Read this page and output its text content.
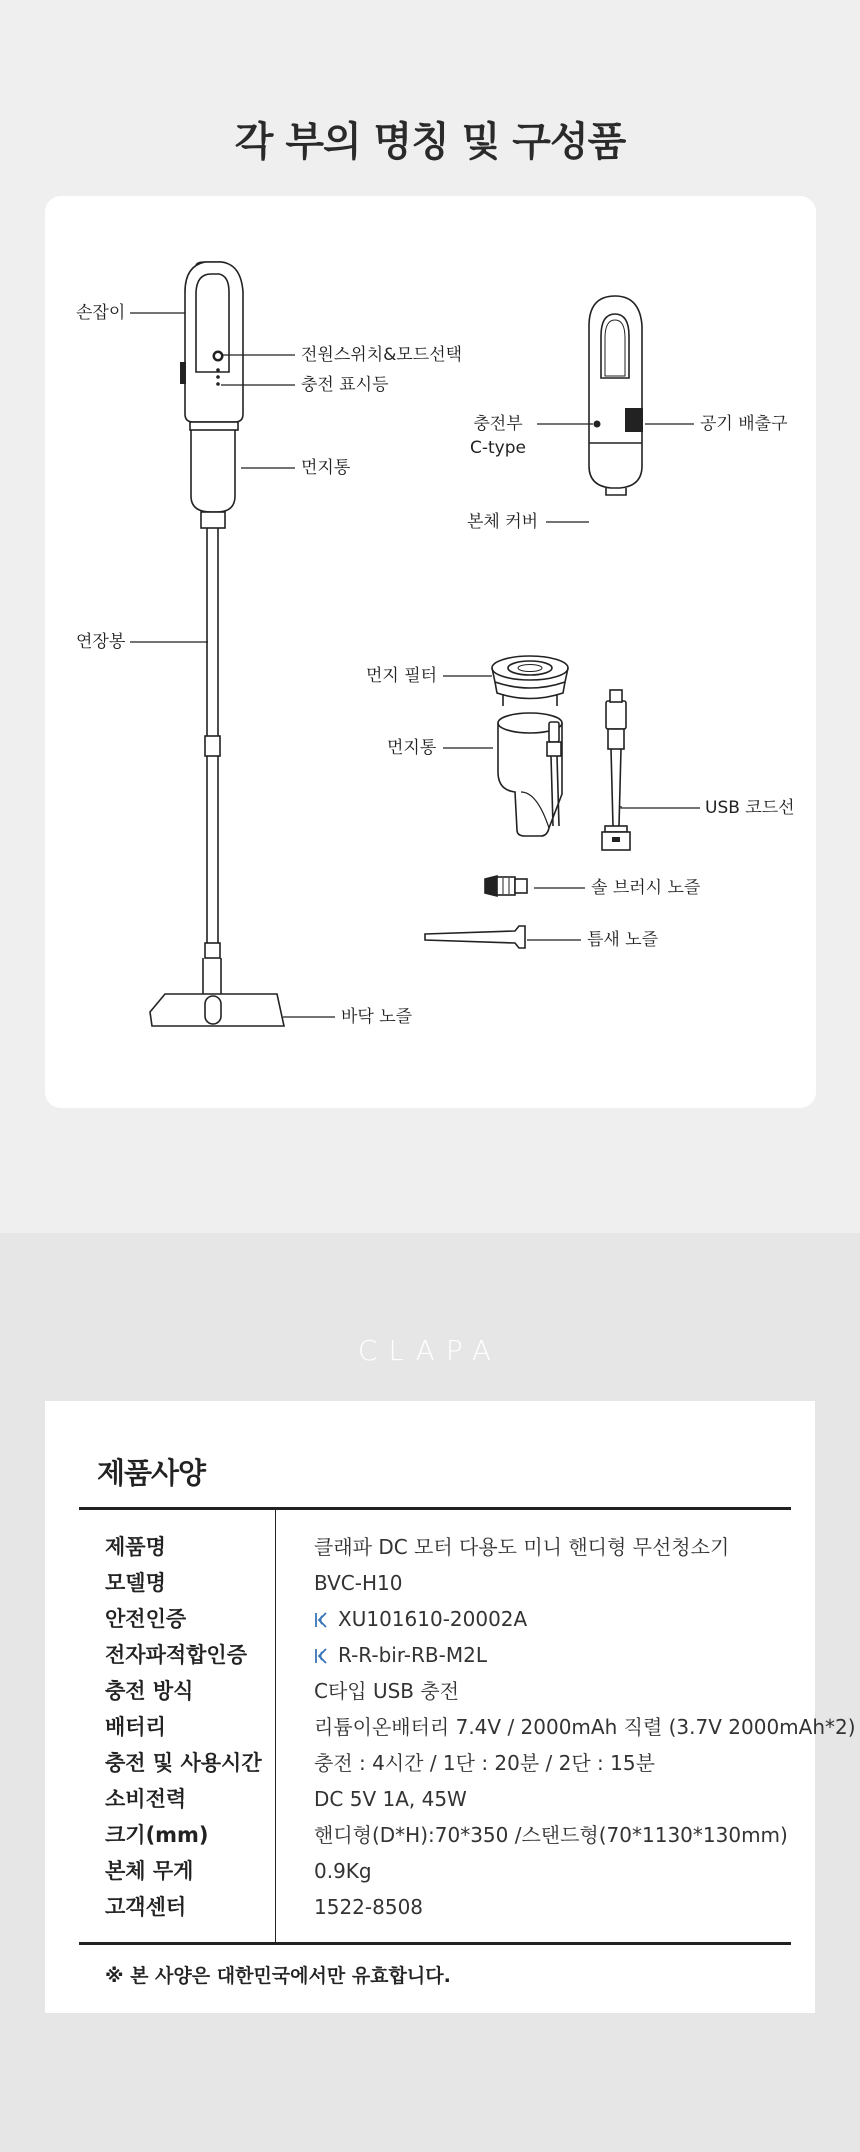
각 부의 명칭 및 구성품
손잡이
전원스위치&모드선택
충전 표시등
먼지통
연장봉
바닥 노즐
충전부
C-type
공기 배출구
본체 커버
먼지 필터
먼지통
USB 코드선
솔 브러시 노즐
틈새 노즐
CLAPA
제품사양
제품명	클래파 DC 모터 다용도 미니 핸디형 무선청소기
모델명	BVC-H10
안전인증	XU101610-20002A
전자파적합인증	R-R-bir-RB-M2L
충전 방식	C타입 USB 충전
배터리	리튬이온배터리 7.4V / 2000mAh 직렬 (3.7V 2000mAh*2)
충전 및 사용시간	충전 : 4시간 / 1단 : 20분 / 2단 : 15분
소비전력	DC 5V 1A, 45W
크기(mm)	핸디형(D*H):70*350 /스탠드형(70*1130*130mm)
본체 무게	0.9Kg
고객센터	1522-8508
※ 본 사양은 대한민국에서만 유효합니다.
